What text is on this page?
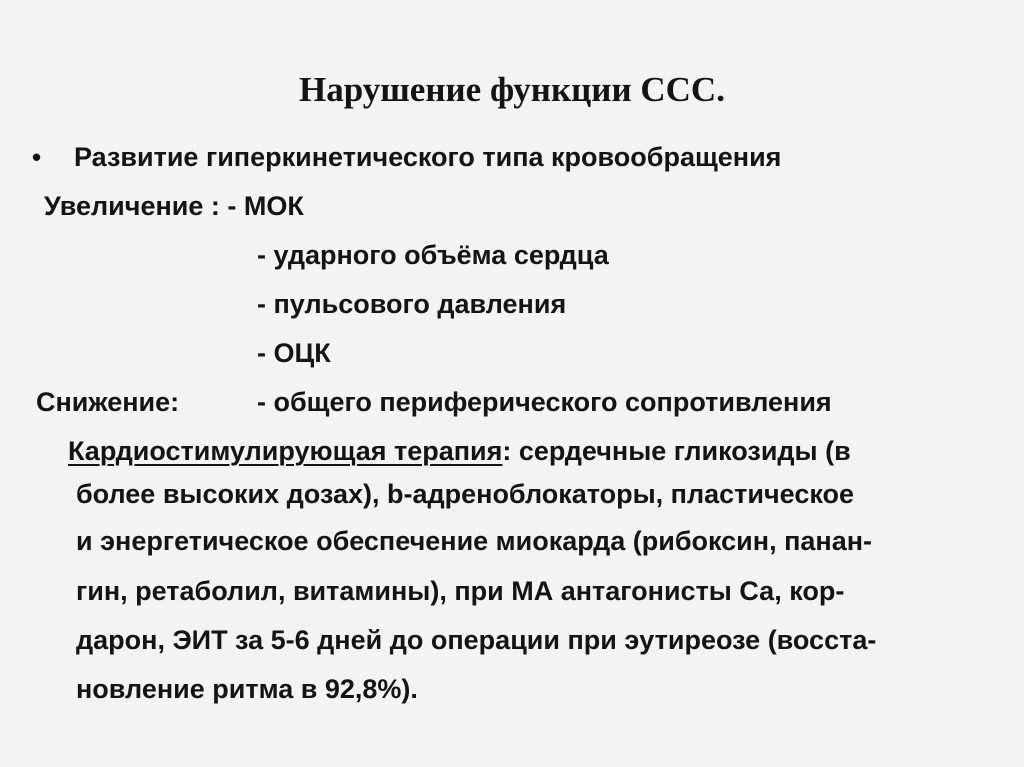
Нарушение функции ССС.
• Развитие гиперкинетического типа кровообращения
Увеличение : - МОК
- ударного объёма сердца
- пульсового давления
- ОЦК
Снижение:	- общего периферического сопротивления
Кардиостимулирующая терапия: сердечные гликозиды (в
более высоких дозах), b-адреноблокаторы, пластическое
и энергетическое обеспечение миокарда (рибоксин, панан-
гин, ретаболил, витамины), при МА антагонисты Са, кор-
дарон, ЭИТ за 5-6 дней до операции при эутиреозе (восста-
новление ритма в 92,8%).
